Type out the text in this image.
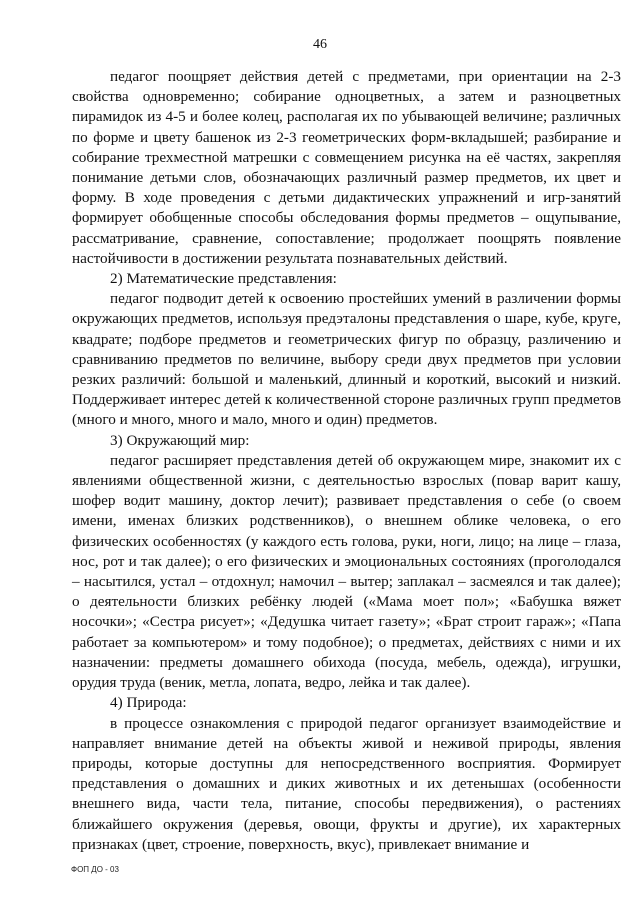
46

педагог поощряет действия детей с предметами, при ориентации на 2-3 свойства одновременно; собирание одноцветных, а затем и разноцветных пирамидок из 4-5 и более колец, располагая их по убывающей величине; различных по форме и цвету башенок из 2-3 геометрических форм-вкладышей; разбирание и собирание трехместной матрешки с совмещением рисунка на её частях, закрепляя понимание детьми слов, обозначающих различный размер предметов, их цвет и форму. В ходе проведения с детьми дидактических упражнений и игр-занятий формирует обобщенные способы обследования формы предметов – ощупывание, рассматривание, сравнение, сопоставление; продолжает поощрять появление настойчивости в достижении результата познавательных действий.

2) Математические представления:

педагог подводит детей к освоению простейших умений в различении формы окружающих предметов, используя предэталоны представления о шаре, кубе, круге, квадрате; подборе предметов и геометрических фигур по образцу, различению и сравниванию предметов по величине, выбору среди двух предметов при условии резких различий: большой и маленький, длинный и короткий, высокий и низкий. Поддерживает интерес детей к количественной стороне различных групп предметов (много и много, много и мало, много и один) предметов.

3) Окружающий мир:

педагог расширяет представления детей об окружающем мире, знакомит их с явлениями общественной жизни, с деятельностью взрослых (повар варит кашу, шофер водит машину, доктор лечит); развивает представления о себе (о своем имени, именах близких родственников), о внешнем облике человека, о его физических особенностях (у каждого есть голова, руки, ноги, лицо; на лице – глаза, нос, рот и так далее); о его физических и эмоциональных состояниях (проголодался – насытился, устал – отдохнул; намочил – вытер; заплакал – засмеялся и так далее); о деятельности близких ребёнку людей («Мама моет пол»; «Бабушка вяжет носочки»; «Сестра рисует»; «Дедушка читает газету»; «Брат строит гараж»; «Папа работает за компьютером» и тому подобное); о предметах, действиях с ними и их назначении: предметы домашнего обихода (посуда, мебель, одежда), игрушки, орудия труда (веник, метла, лопата, ведро, лейка и так далее).

4) Природа:

в процессе ознакомления с природой педагог организует взаимодействие и направляет внимание детей на объекты живой и неживой природы, явления природы, которые доступны для непосредственного восприятия. Формирует представления о домашних и диких животных и их детенышах (особенности внешнего вида, части тела, питание, способы передвижения), о растениях ближайшего окружения (деревья, овощи, фрукты и другие), их характерных признаках (цвет, строение, поверхность, вкус), привлекает внимание и

ФОП ДО - 03
